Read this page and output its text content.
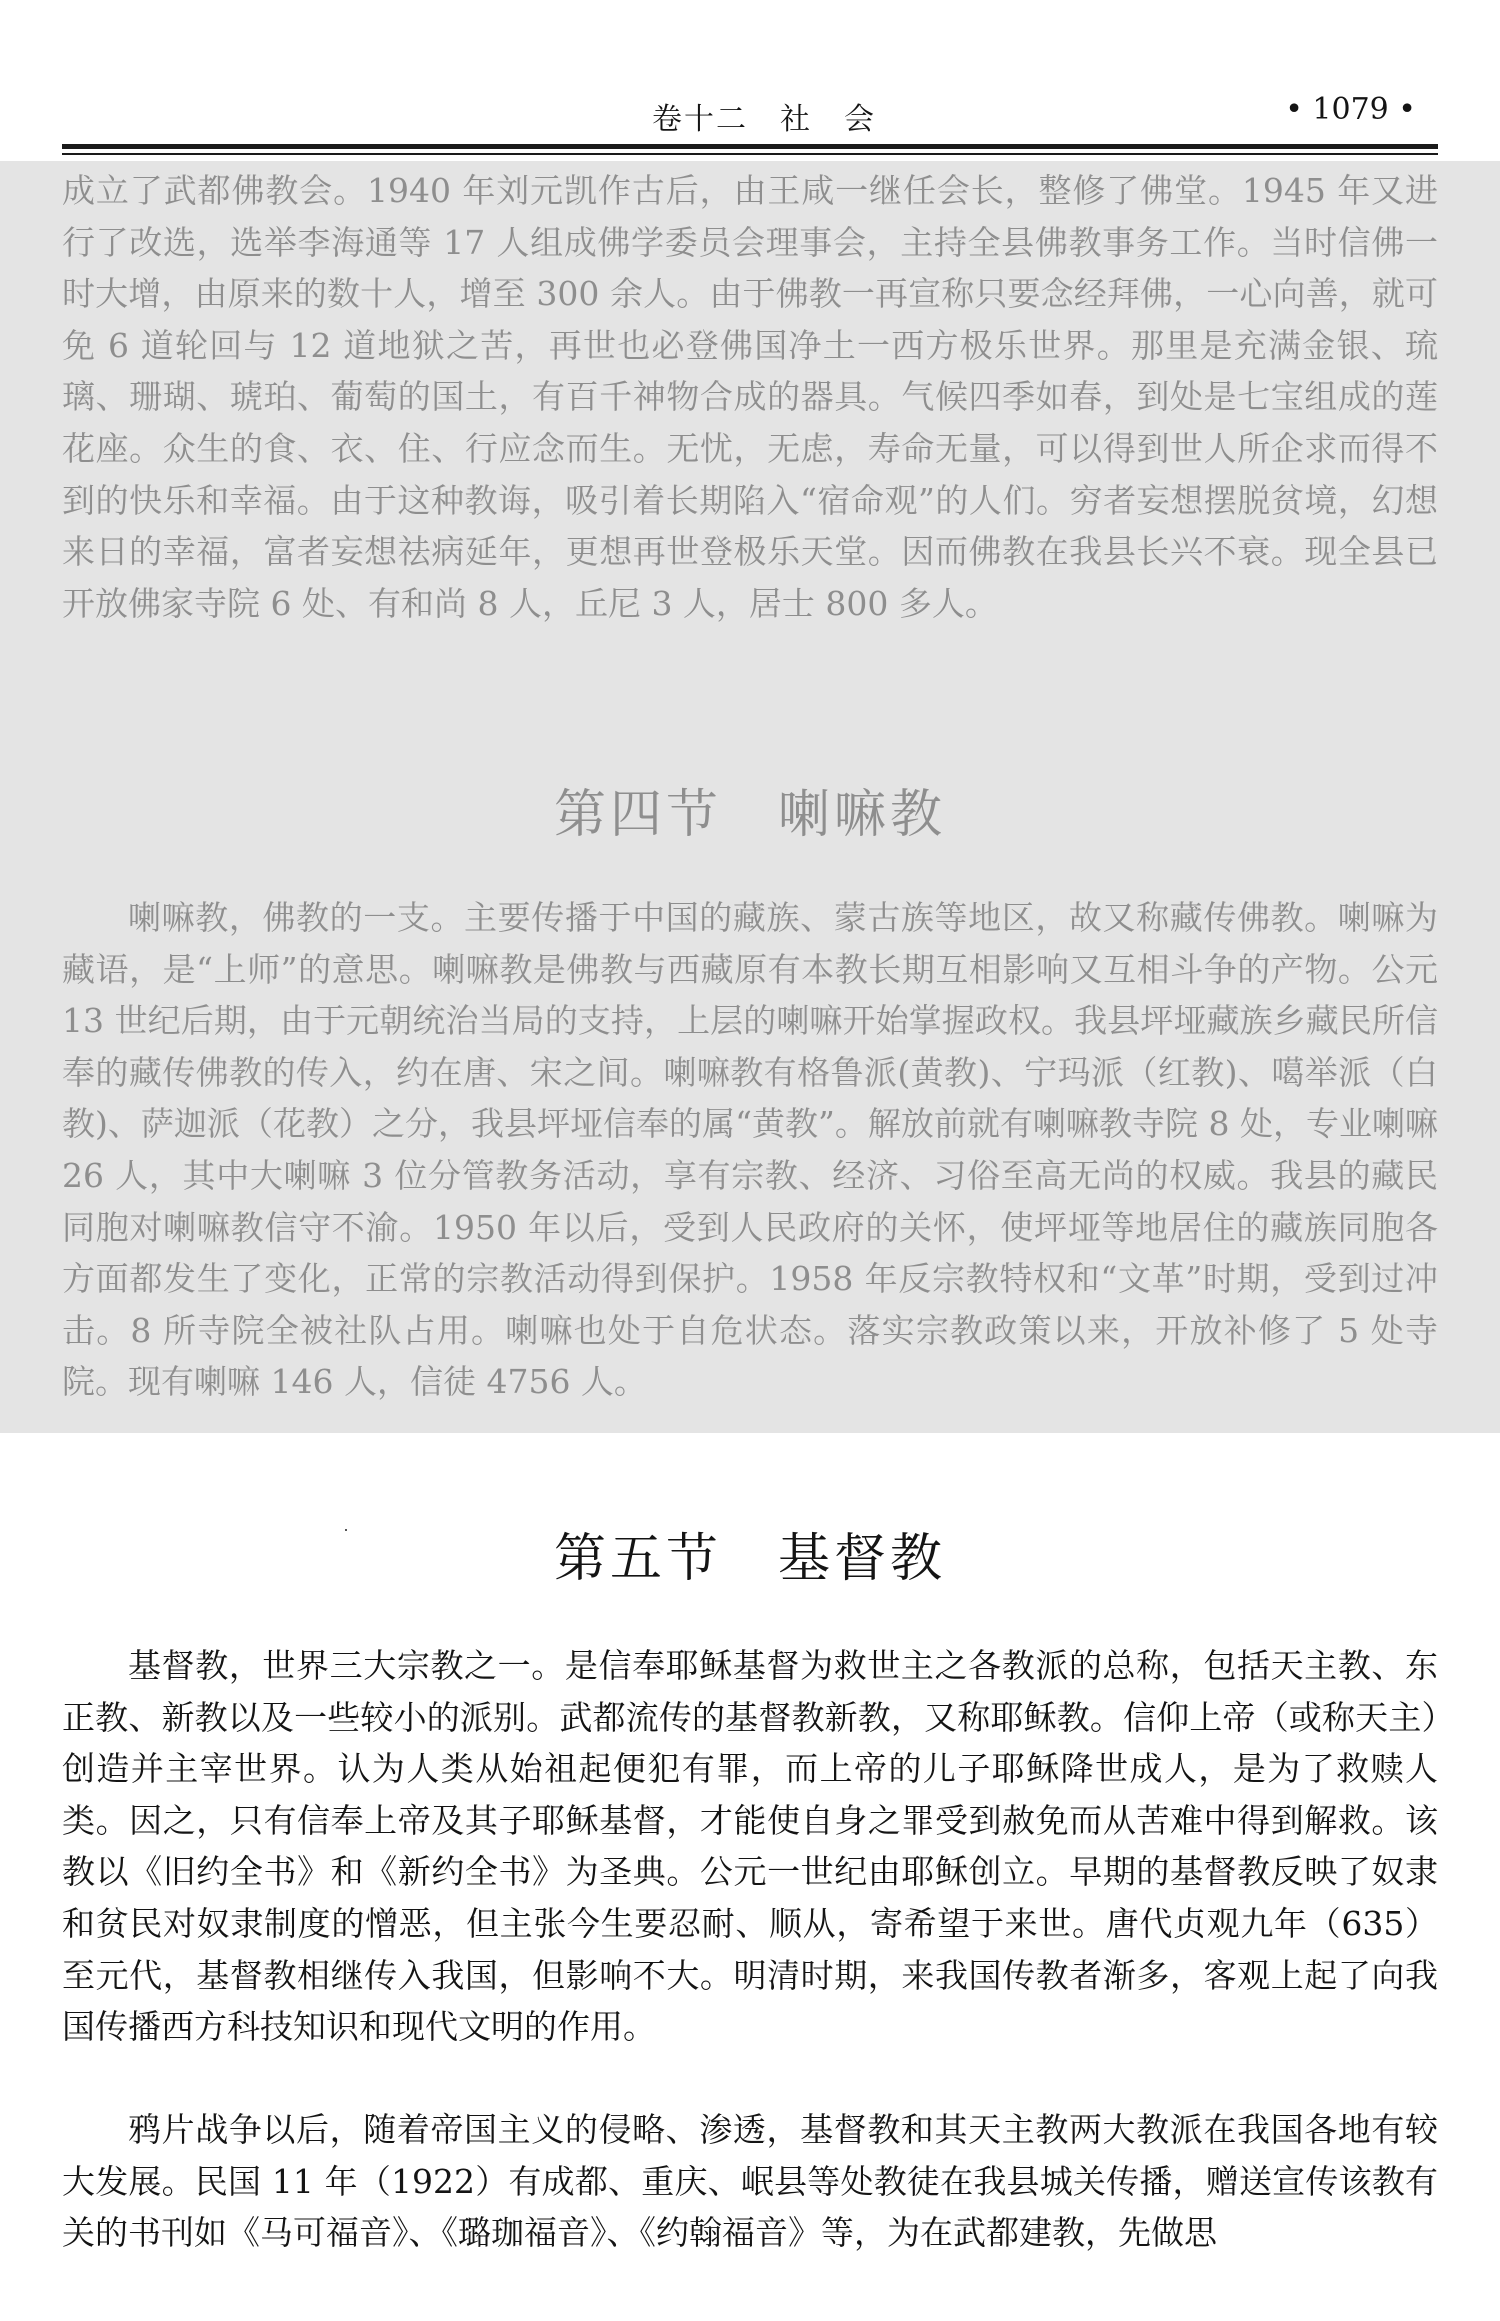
卷十二　社　会	• 1079 •

成立了武都佛教会。1940 年刘元凯作古后，由王咸一继任会长，整修了佛堂。1945 年又进行了改选，选举李海通等 17 人组成佛学委员会理事会，主持全县佛教事务工作。当时信佛一时大增，由原来的数十人，增至 300 余人。由于佛教一再宣称只要念经拜佛，一心向善，就可免 6 道轮回与 12 道地狱之苦，再世也必登佛国净土一西方极乐世界。那里是充满金银、琉璃、珊瑚、琥珀、葡萄的国土，有百千神物合成的器具。气候四季如春，到处是七宝组成的莲花座。众生的食、衣、住、行应念而生。无忧，无虑，寿命无量，可以得到世人所企求而得不到的快乐和幸福。由于这种教诲，吸引着长期陷入“宿命观”的人们。穷者妄想摆脱贫境，幻想来日的幸福，富者妄想祛病延年，更想再世登极乐天堂。因而佛教在我县长兴不衰。现全县已开放佛家寺院 6 处、有和尚 8 人，丘尼 3 人，居士 800 多人。

第四节 喇嘛教

喇嘛教，佛教的一支。主要传播于中国的藏族、蒙古族等地区，故又称藏传佛教。喇嘛为藏语，是“上师”的意思。喇嘛教是佛教与西藏原有本教长期互相影响又互相斗争的产物。公元 13 世纪后期，由于元朝统治当局的支持，上层的喇嘛开始掌握政权。我县坪垭藏族乡藏民所信奉的藏传佛教的传入，约在唐、宋之间。喇嘛教有格鲁派(黄教)、宁玛派（红教)、噶举派（白教)、萨迦派（花教）之分，我县坪垭信奉的属“黄教”。解放前就有喇嘛教寺院 8 处，专业喇嘛 26 人，其中大喇嘛 3 位分管教务活动，享有宗教、经济、习俗至高无尚的权威。我县的藏民同胞对喇嘛教信守不渝。1950 年以后，受到人民政府的关怀，使坪垭等地居住的藏族同胞各方面都发生了变化，正常的宗教活动得到保护。1958 年反宗教特权和“文革”时期，受到过冲击。8 所寺院全被社队占用。喇嘛也处于自危状态。落实宗教政策以来，开放补修了 5 处寺院。现有喇嘛 146 人，信徒 4756 人。

第五节 基督教

基督教，世界三大宗教之一。是信奉耶稣基督为救世主之各教派的总称，包括天主教、东正教、新教以及一些较小的派别。武都流传的基督教新教，又称耶稣教。信仰上帝（或称天主）创造并主宰世界。认为人类从始祖起便犯有罪，而上帝的儿子耶稣降世成人，是为了救赎人类。因之，只有信奉上帝及其子耶稣基督，才能使自身之罪受到赦免而从苦难中得到解救。该教以《旧约全书》和《新约全书》为圣典。公元一世纪由耶稣创立。早期的基督教反映了奴隶和贫民对奴隶制度的憎恶，但主张今生要忍耐、顺从，寄希望于来世。唐代贞观九年（635）至元代，基督教相继传入我国，但影响不大。明清时期，来我国传教者渐多，客观上起了向我国传播西方科技知识和现代文明的作用。

鸦片战争以后，随着帝国主义的侵略、渗透，基督教和其天主教两大教派在我国各地有较大发展。民国 11 年（1922）有成都、重庆、岷县等处教徒在我县城关传播，赠送宣传该教有关的书刊如《马可福音》、《璐珈福音》、《约翰福音》等，为在武都建教，先做思
